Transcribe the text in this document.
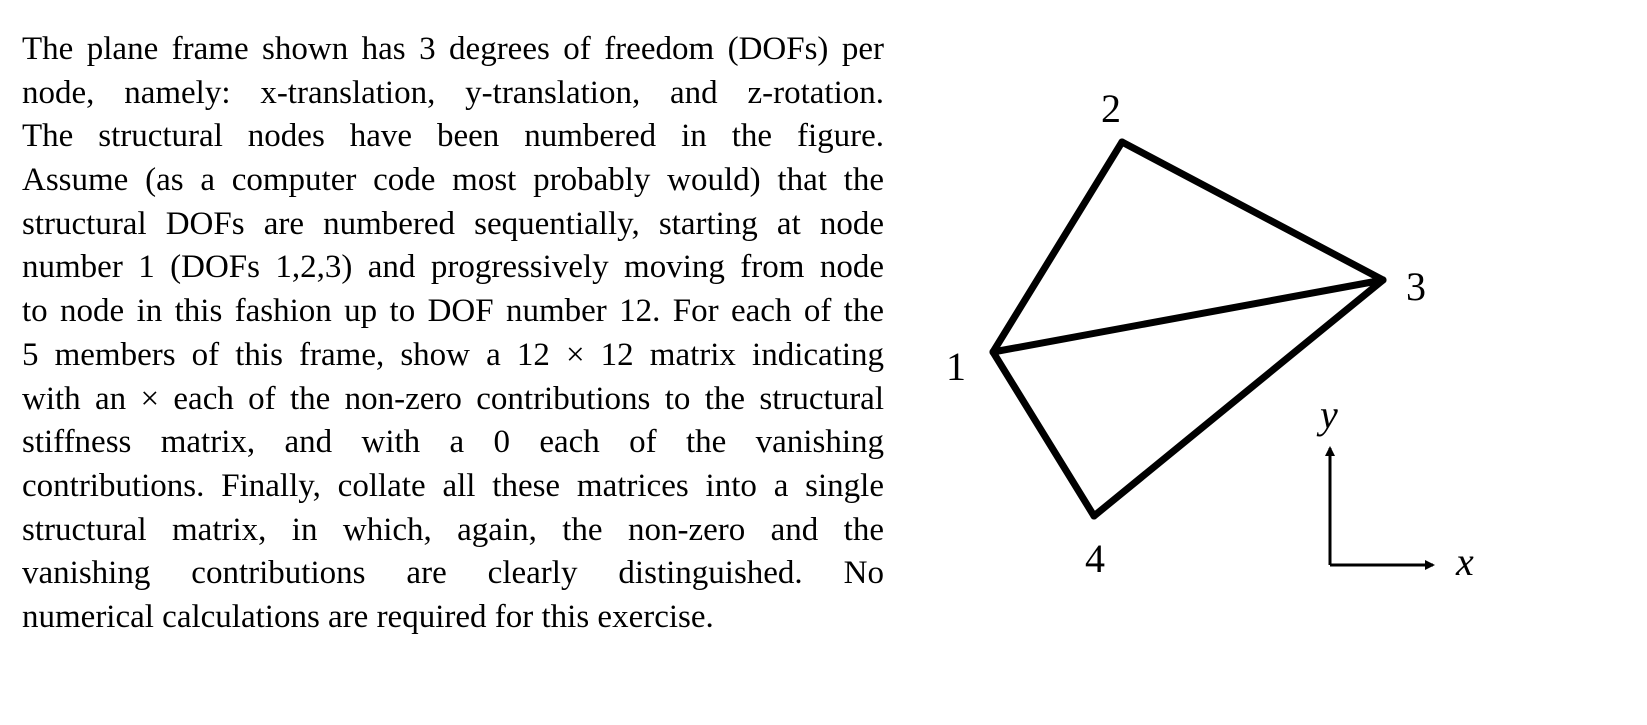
The plane frame shown has 3 degrees of freedom (DOFs) per
node, namely: x-translation, y-translation, and z-rotation.
The structural nodes have been numbered in the figure.
Assume (as a computer code most probably would) that the
structural DOFs are numbered sequentially, starting at node
number 1 (DOFs 1,2,3) and progressively moving from node
to node in this fashion up to DOF number 12. For each of the
5 members of this frame, show a 12 × 12 matrix indicating
with an × each of the non-zero contributions to the structural
stiffness matrix, and with a 0 each of the vanishing
contributions. Finally, collate all these matrices into a single
structural matrix, in which, again, the non-zero and the
vanishing contributions are clearly distinguished. No
numerical calculations are required for this exercise.
1
2
3
4
y
x
